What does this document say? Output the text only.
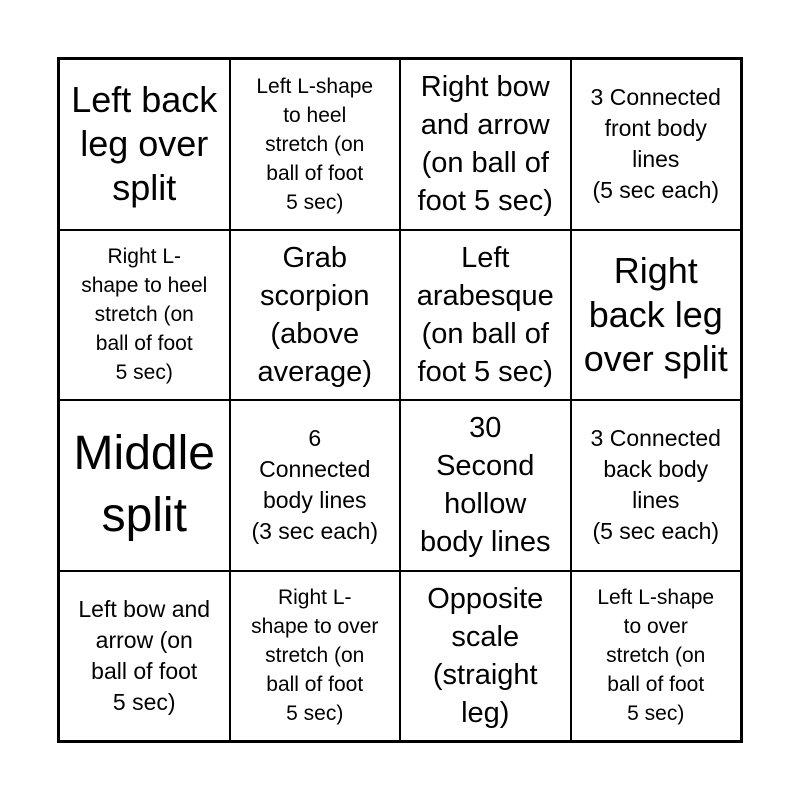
Left back
leg over
split
Left L-shape
to heel
stretch (on
ball of foot
5 sec)
Right bow
and arrow
(on ball of
foot 5 sec)
3 Connected
front body
lines
(5 sec each)
Right L-
shape to heel
stretch (on
ball of foot
5 sec)
Grab
scorpion
(above
average)
Left
arabesque
(on ball of
foot 5 sec)
Right
back leg
over split
Middle
split
6
Connected
body lines
(3 sec each)
30
Second
hollow
body lines
3 Connected
back body
lines
(5 sec each)
Left bow and
arrow (on
ball of foot
5 sec)
Right L-
shape to over
stretch (on
ball of foot
5 sec)
Opposite
scale
(straight
leg)
Left L-shape
to over
stretch (on
ball of foot
5 sec)
